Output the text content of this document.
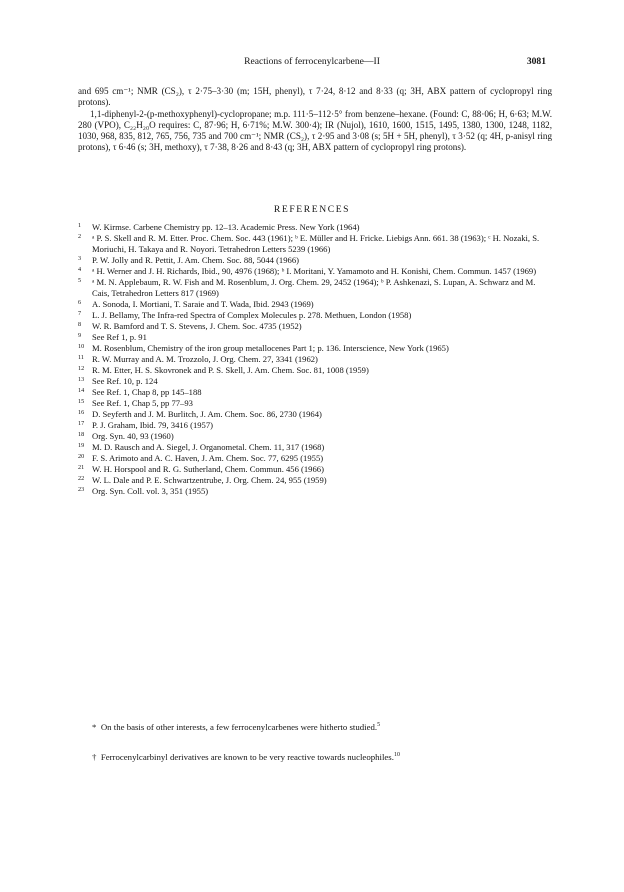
Reactions of ferrocenylcarbene—II	3081

and 695 cm⁻¹; NMR (CS₂), τ 2·75–3·30 (m; 15H, phenyl), τ 7·24, 8·12 and 8·33 (q; 3H, ABX pattern of cyclopropyl ring protons).

1,1-diphenyl-2-(p-methoxyphenyl)-cyclopropane; m.p. 111·5–112·5° from benzene–hexane. (Found: C, 88·06; H, 6·63; M.W. 280 (VPO), C₂₂H₂₀O requires: C, 87·96; H, 6·71%; M.W. 300·4); IR (Nujol), 1610, 1600, 1515, 1495, 1380, 1300, 1248, 1182, 1030, 968, 835, 812, 765, 756, 735 and 700 cm⁻¹; NMR (CS₂), τ 2·95 and 3·08 (s; 5H + 5H, phenyl), τ 3·52 (q; 4H, p-anisyl ring protons), τ 6·46 (s; 3H, methoxy), τ 7·38, 8·26 and 8·43 (q; 3H, ABX pattern of cyclopropyl ring protons).

REFERENCES
1	W. Kirmse. Carbene Chemistry pp. 12–13. Academic Press. New York (1964)
2	ᵃ P. S. Skell and R. M. Etter. Proc. Chem. Soc. 443 (1961); ᵇ E. Müller and H. Fricke. Liebigs Ann. 661. 38 (1963); ᶜ H. Nozaki, S. Moriuchi, H. Takaya and R. Noyori. Tetrahedron Letters 5239 (1966)
3	P. W. Jolly and R. Pettit, J. Am. Chem. Soc. 88, 5044 (1966)
4	ᵃ H. Werner and J. H. Richards, Ibid., 90, 4976 (1968); ᵇ I. Moritani, Y. Yamamoto and H. Konishi, Chem. Commun. 1457 (1969)
5	ᵃ M. N. Applebaum, R. W. Fish and M. Rosenblum, J. Org. Chem. 29, 2452 (1964); ᵇ P. Ashkenazi, S. Lupan, A. Schwarz and M. Cais, Tetrahedron Letters 817 (1969)
6	A. Sonoda, I. Mortiani, T. Saraie and T. Wada, Ibid. 2943 (1969)
7	L. J. Bellamy, The Infra-red Spectra of Complex Molecules p. 278. Methuen, London (1958)
8	W. R. Bamford and T. S. Stevens, J. Chem. Soc. 4735 (1952)
9	See Ref 1, p. 91
10 M. Rosenblum, Chemistry of the iron group metallocenes Part 1; p. 136. Interscience, New York (1965)
11 R. W. Murray and A. M. Trozzolo, J. Org. Chem. 27, 3341 (1962)
12 R. M. Etter, H. S. Skovronek and P. S. Skell, J. Am. Chem. Soc. 81, 1008 (1959)
13 See Ref. 10, p. 124
14 See Ref. 1, Chap 8, pp 145–188
15 See Ref. 1, Chap 5, pp 77–93
16 D. Seyferth and J. M. Burlitch, J. Am. Chem. Soc. 86, 2730 (1964)
17 P. J. Graham, Ibid. 79, 3416 (1957)
18 Org. Syn. 40, 93 (1960)
19 M. D. Rausch and A. Siegel, J. Organometal. Chem. 11, 317 (1968)
20 F. S. Arimoto and A. C. Haven, J. Am. Chem. Soc. 77, 6295 (1955)
21 W. H. Horspool and R. G. Sutherland, Chem. Commun. 456 (1966)
22 W. L. Dale and P. E. Schwartzentrube, J. Org. Chem. 24, 955 (1959)
23 Org. Syn. Coll. vol. 3, 351 (1955)
* On the basis of other interests, a few ferrocenylcarbenes were hitherto studied.$^5$
† Ferrocenylcarbinyl derivatives are known to be very reactive towards nucleophiles.$^{10}$
